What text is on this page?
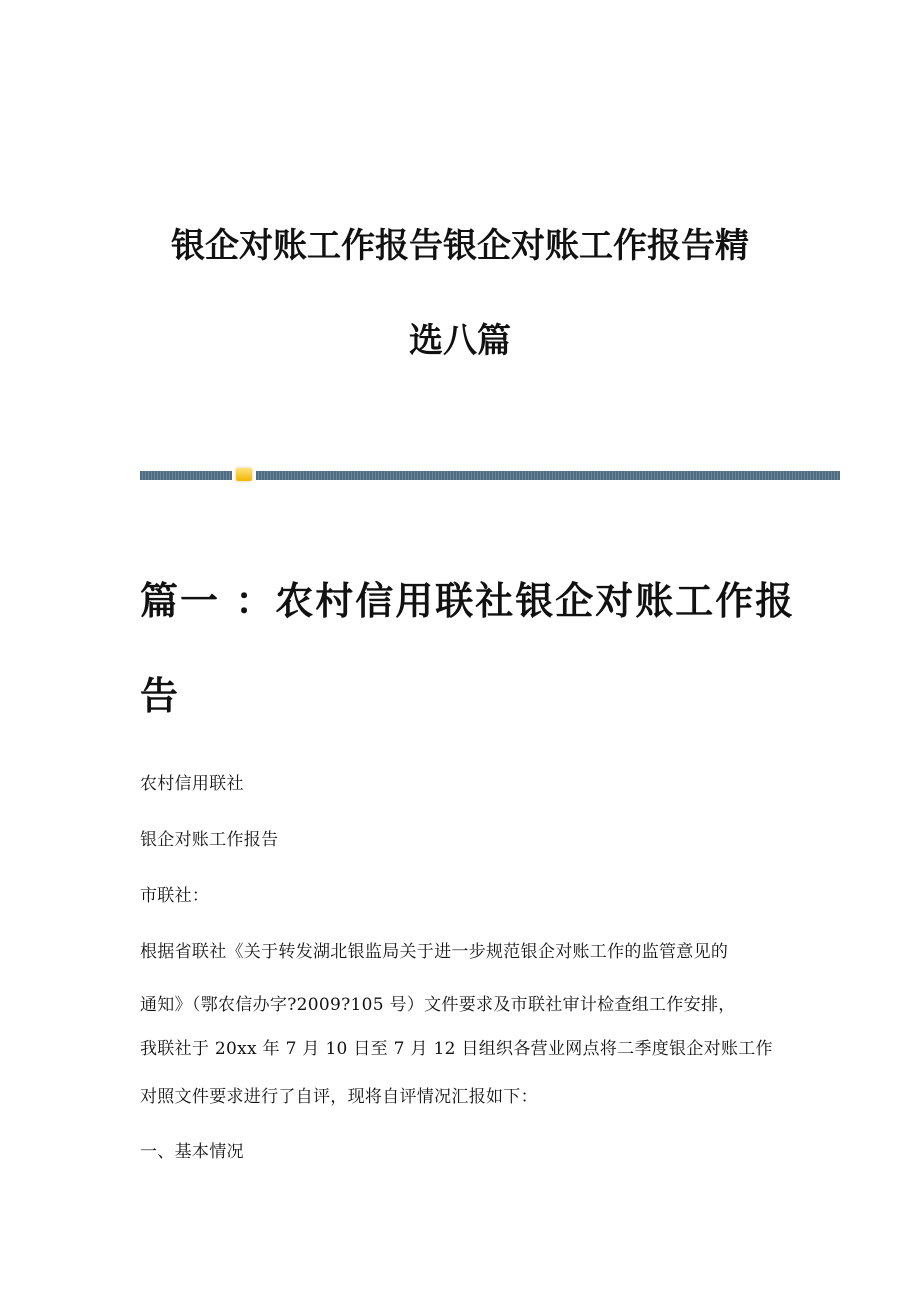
银企对账工作报告银企对账工作报告精
选八篇
篇一 ：农村信用联社银企对账工作报
告
农村信用联社
银企对账工作报告
市联社：
根据省联社《关于转发湖北银监局关于进一步规范银企对账工作的监管意见的
通知》（鄂农信办字?2009?105 号）文件要求及市联社审计检查组工作安排，
我联社于 20xx 年 7 月 10 日至 7 月 12 日组织各营业网点将二季度银企对账工作
对照文件要求进行了自评，现将自评情况汇报如下：
一、基本情况
